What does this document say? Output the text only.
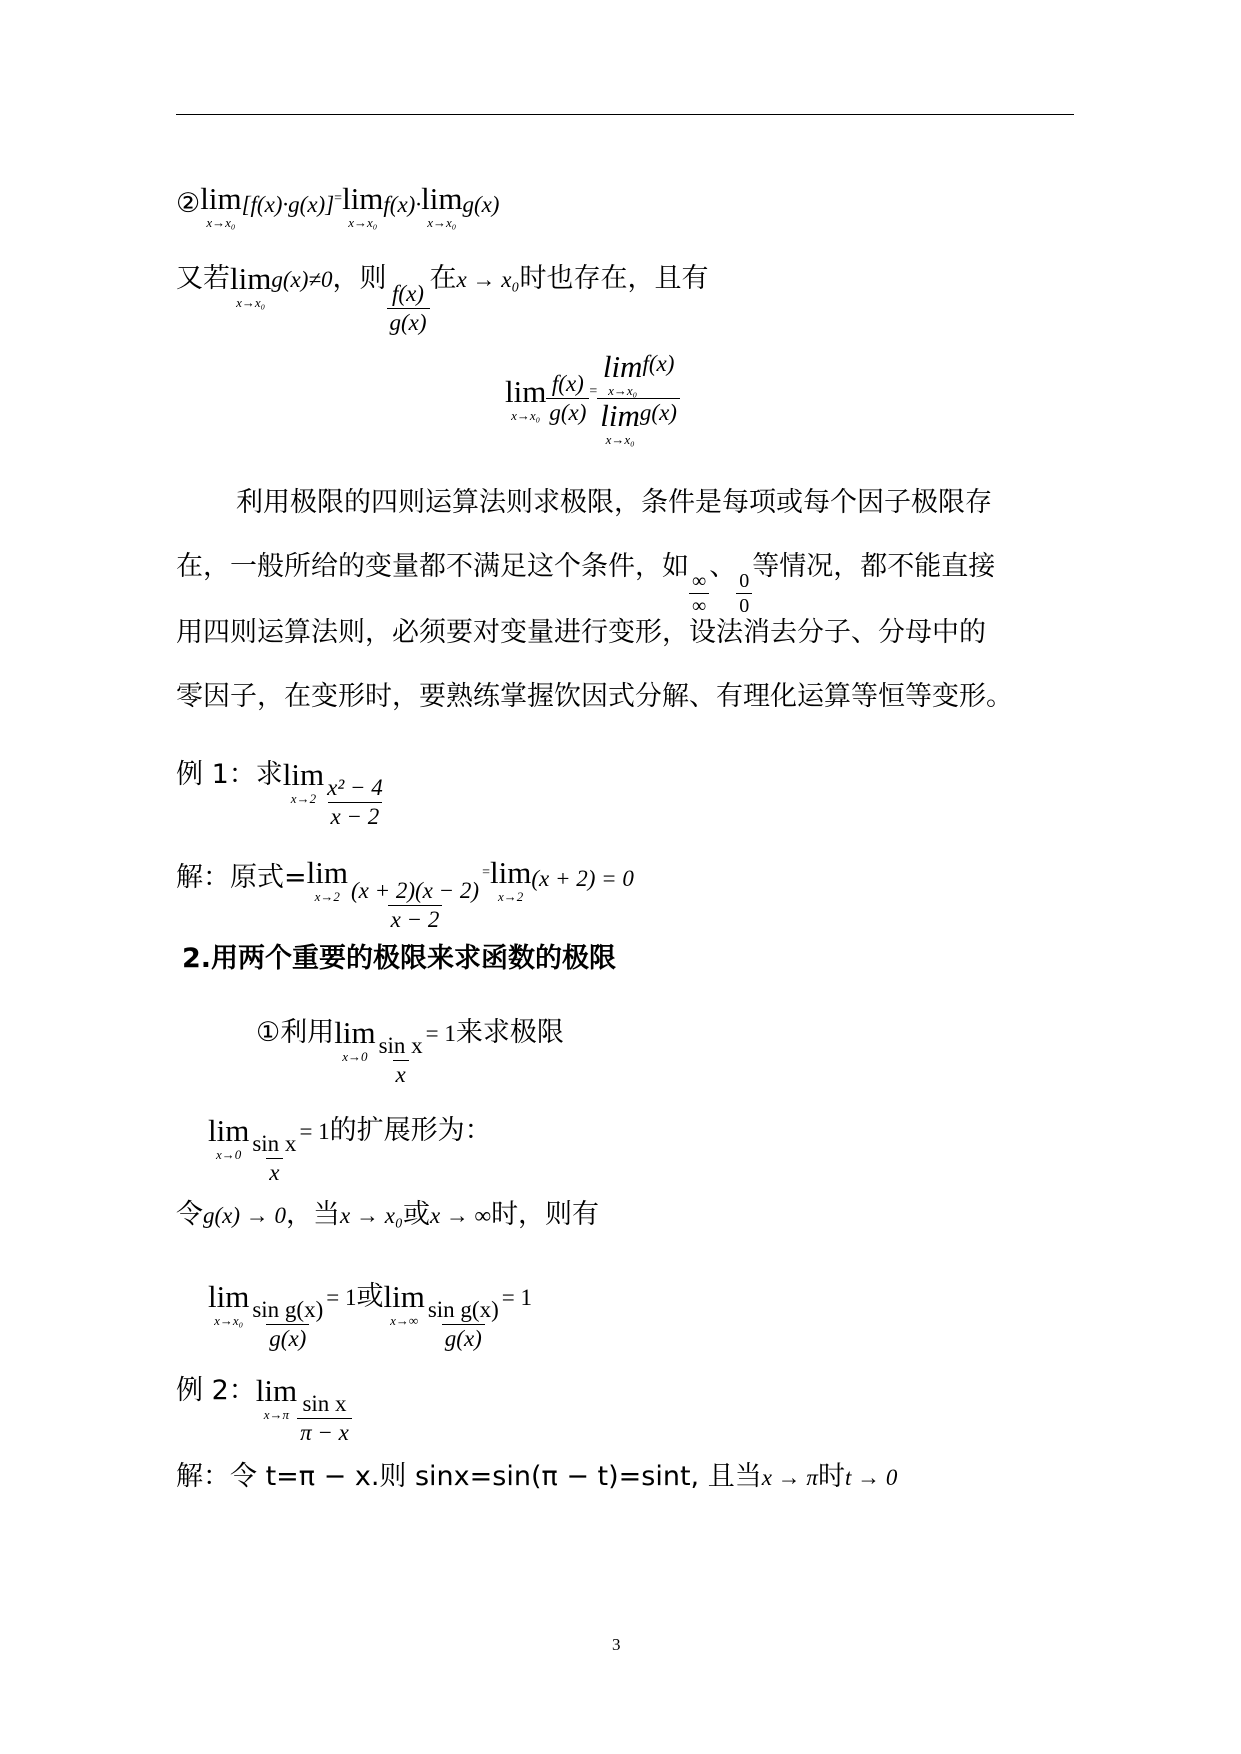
② lim
x→x₀
[f(x)·g(x)]= lim
x→x₀
f(x)· lim
x→x₀
g(x)
又若 lim
x→x₀
g(x)≠0，则
$\frac{f(x)}{g(x)}$
在x → x₀时也存在，且有
lim
$x\to x_0 \frac{f(x)}{g(x)} ^=$ lim
x→x₀
f(x)
lim
x→x₀
g(x)
利用极限的四则运算法则求极限，条件是每项或每个因子极限存
在，一般所给的变量都不满足这个条件，如
$\frac{\infty}{\infty}$
、
$\frac{0}{0}$
等情况，都不能直接
用四则运算法则，必须要对变量进行变形，设法消去分子、分母中的
零因子，在变形时，要熟练掌握饮因式分解、有理化运算等恒等变形。
例 1：求 lim
$x\to 2 \frac{\text{x² − 4}}{x - 2}$
解：原式= lim
$x\to 2 \frac{(x + 2)(x - 2)}{x - 2}$
= lim
x→2
(x + 2) = 0
2.用两个重要的极限来求函数的极限
①利用 lim
$x\to 0 \frac{\text{sin x}}{x} = 1$来求极限
lim
$x\to 0 \frac{\text{sin x}}{x} = 1$的扩展形为：
令g(x) → 0，当x → x₀或x → ∞时，则有
lim
$x\to x_0 \frac{\text{sin g(x)}}{g(x)} = 1$或 lim
$x\to\infty \frac{\text{sin g(x)}}{g(x)} = 1$
例 2： lim
$x\to\pi \frac{\text{sin x}}{\pi - x}$
解：令 t=π − x.则 sinx=sin(π − t)=sint, 且当x → π时t → 0
3
